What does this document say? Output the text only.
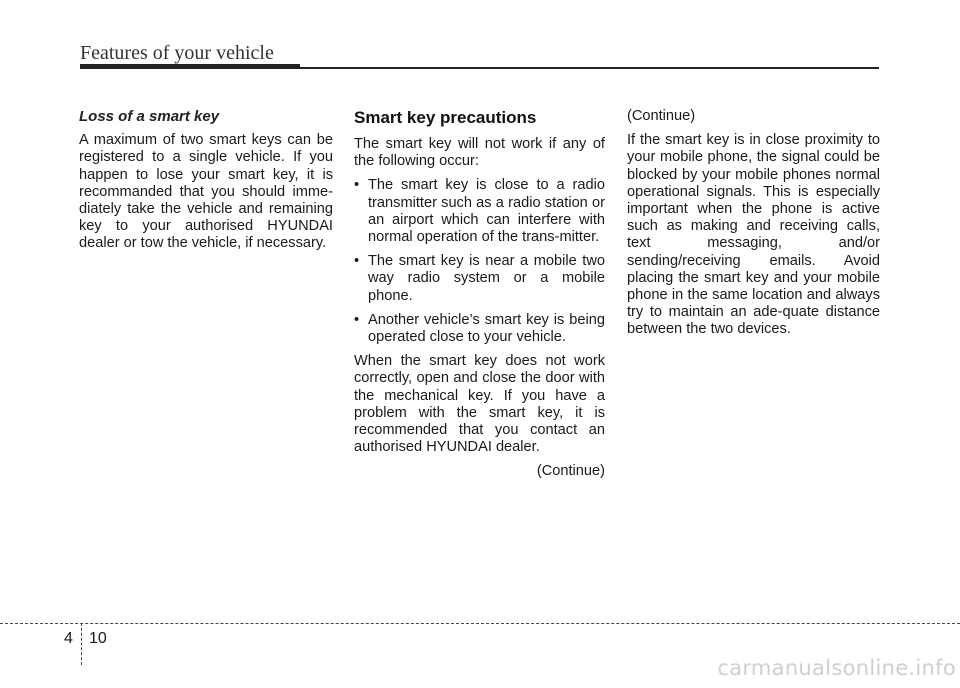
Features of your vehicle
Loss of a smart key

A maximum of two smart keys can be registered to a single vehicle. If you happen to lose your smart key, it is recommanded that you should imme-diately take the vehicle and remaining key to your authorised HYUNDAI dealer or tow the vehicle, if necessary.

Smart key precautions

The smart key will not work if any of the following occur:

• The smart key is close to a radio transmitter such as a radio station or an airport which can interfere with normal operation of the trans-mitter.
• The smart key is near a mobile two way radio system or a mobile phone.
• Another vehicle’s smart key is being operated close to your vehicle.

When the smart key does not work correctly, open and close the door with the mechanical key. If you have a problem with the smart key, it is recommended that you contact an authorised HYUNDAI dealer.

(Continue)

(Continue)

If the smart key is in close proximity to your mobile phone, the signal could be blocked by your mobile phones normal operational signals. This is especially important when the phone is active such as making and receiving calls, text messaging, and/or sending/receiving emails. Avoid placing the smart key and your mobile phone in the same location and always try to maintain an ade-quate distance between the two devices.

4 10
carmanualsonline.info
